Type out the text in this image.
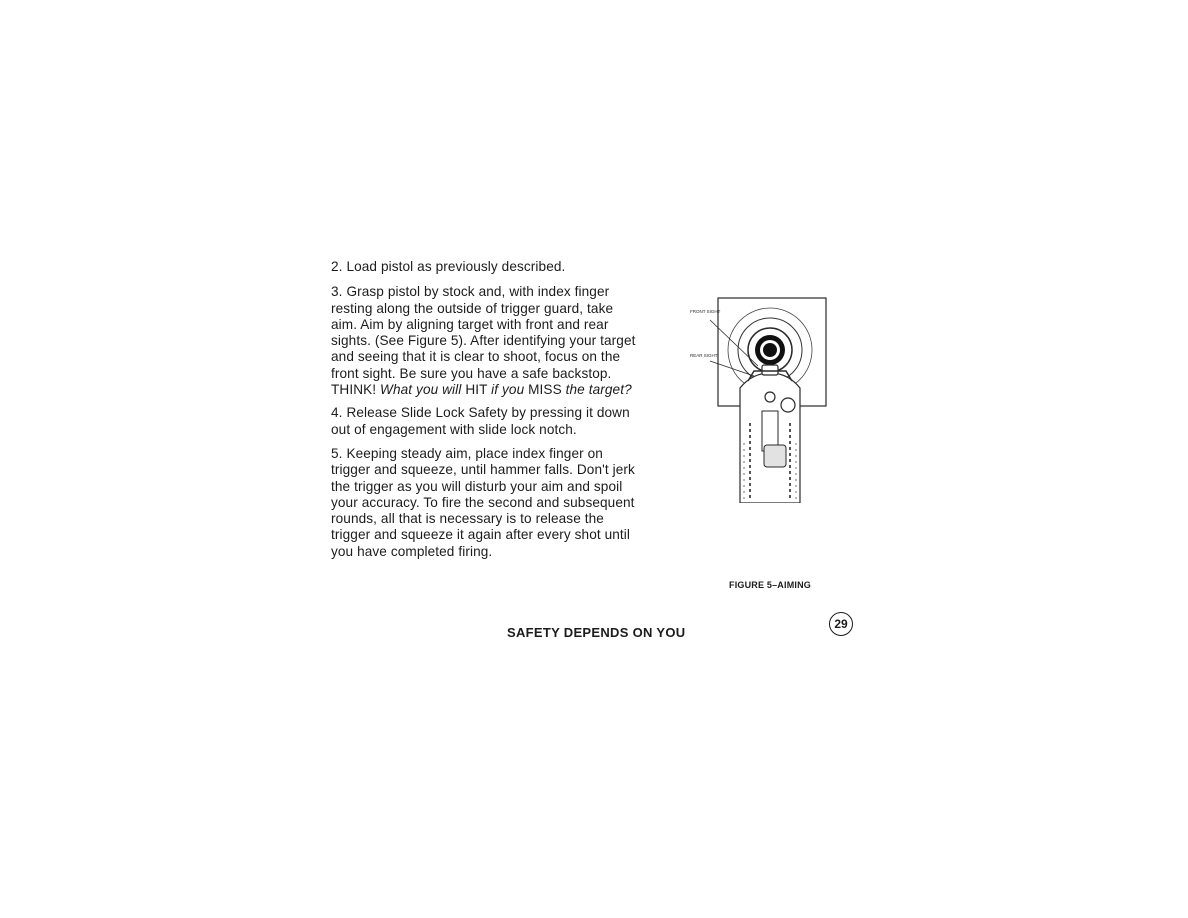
2. Load pistol as previously described.

3. Grasp pistol by stock and, with index finger resting along the outside of trigger guard, take aim. Aim by aligning target with front and rear sights. (See Figure 5). After identifying your target and seeing that it is clear to shoot, focus on the front sight. Be sure you have a safe backstop. THINK! What you will HIT if you MISS the target?

4. Release Slide Lock Safety by pressing it down out of engagement with slide lock notch.

5. Keeping steady aim, place index finger on trigger and squeeze, until hammer falls. Don't jerk the trigger as you will disturb your aim and spoil your accuracy. To fire the second and subsequent rounds, all that is necessary is to release the trigger and squeeze it again after every shot until you have completed firing.

FRONT SIGHT
REAR SIGHT
FIGURE 5–AIMING
SAFETY DEPENDS ON YOU
29
